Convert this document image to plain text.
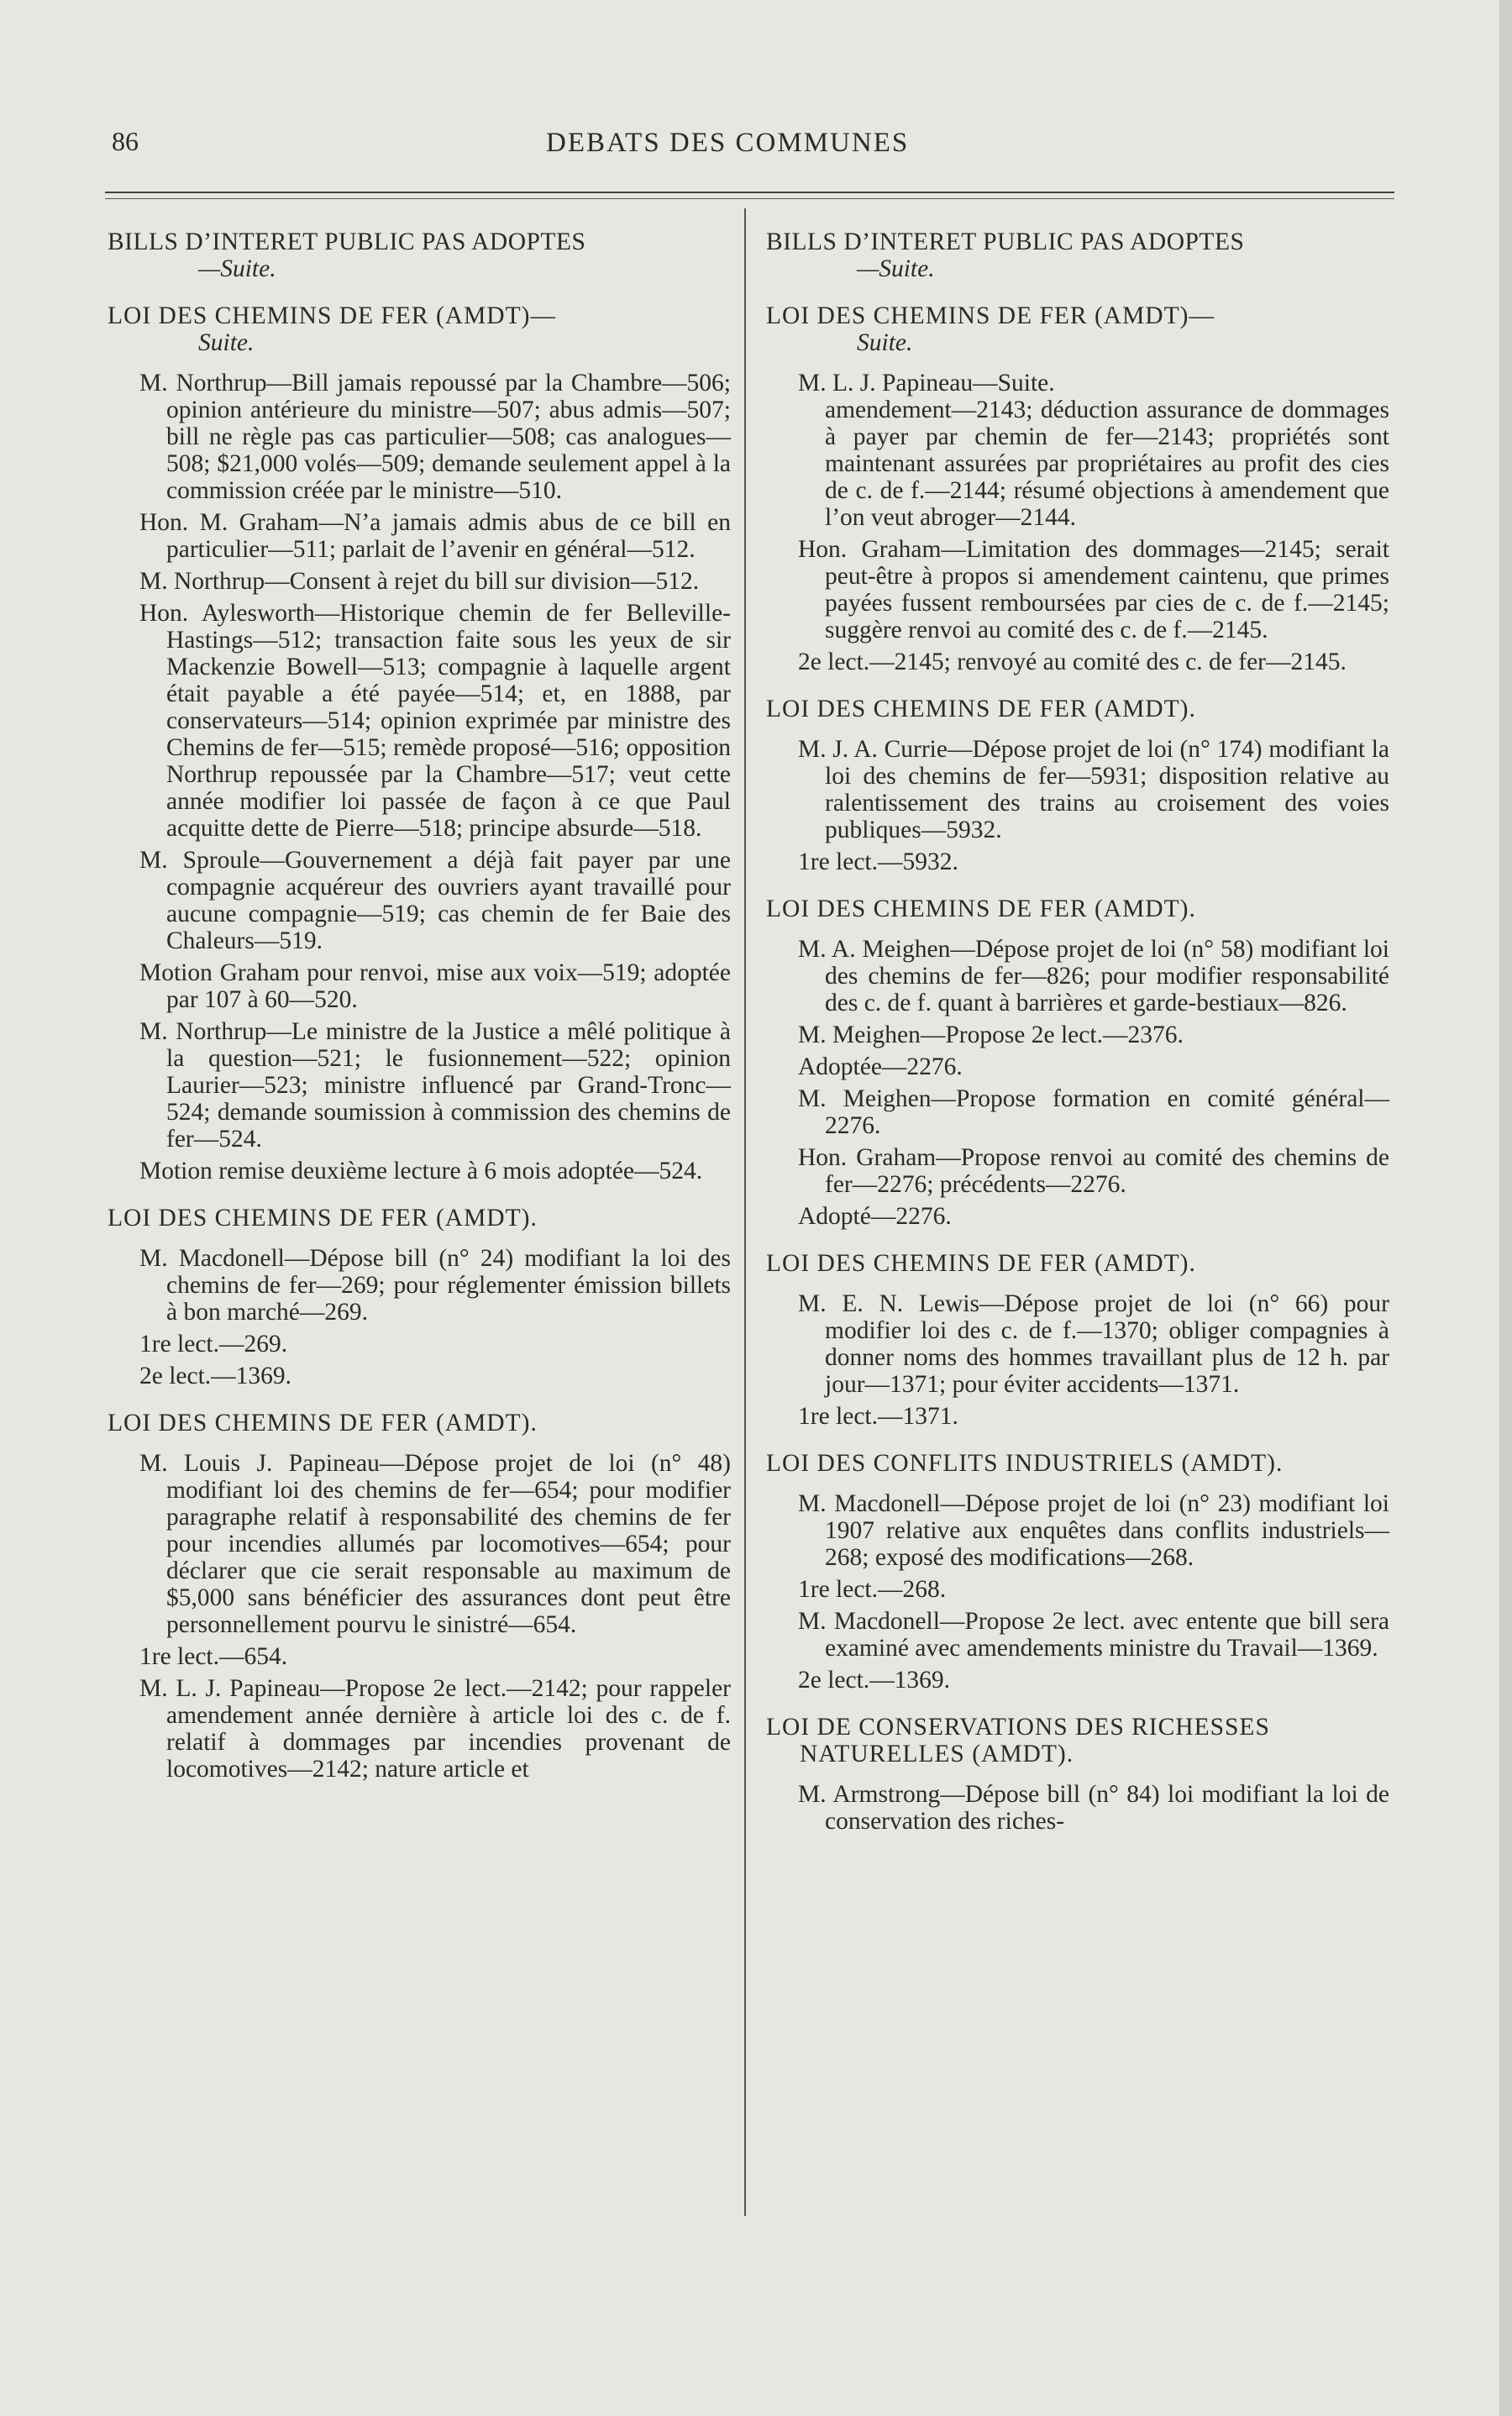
86	DEBATS DES COMMUNES

BILLS D’INTERET PUBLIC PAS ADOPTES

—Suite.

LOI DES CHEMINS DE FER (AMDT)—

Suite.

M. Northrup—Bill jamais repoussé par la Chambre—506; opinion antérieure du ministre—507; abus admis—507; bill ne règle pas cas particulier—508; cas analogues—508; $21,000 volés—509; demande seulement appel à la commission créée par le ministre—510.

Hon. M. Graham—N’a jamais admis abus de ce bill en particulier—511; parlait de l’avenir en général—512.

M. Northrup—Consent à rejet du bill sur division—512.

Hon. Aylesworth—Historique chemin de fer Belleville-Hastings—512; transaction faite sous les yeux de sir Mackenzie Bowell—513; compagnie à laquelle argent était payable a été payée—514; et, en 1888, par conservateurs—514; opinion exprimée par ministre des Chemins de fer—515; remède proposé—516; opposition Northrup repoussée par la Chambre—517; veut cette année modifier loi passée de façon à ce que Paul acquitte dette de Pierre—518; principe absurde—518.

M. Sproule—Gouvernement a déjà fait payer par une compagnie acquéreur des ouvriers ayant travaillé pour aucune compagnie—519; cas chemin de fer Baie des Chaleurs—519.

Motion Graham pour renvoi, mise aux voix—519; adoptée par 107 à 60—520.

M. Northrup—Le ministre de la Justice a mêlé politique à la question—521; le fusionnement—522; opinion Laurier—523; ministre influencé par Grand-Tronc—524; demande soumission à commission des chemins de fer—524.

Motion remise deuxième lecture à 6 mois adoptée—524.

LOI DES CHEMINS DE FER (AMDT).

M. Macdonell—Dépose bill (n° 24) modifiant la loi des chemins de fer—269; pour réglementer émission billets à bon marché—269.

1re lect.—269.

2e lect.—1369.

LOI DES CHEMINS DE FER (AMDT).

M. Louis J. Papineau—Dépose projet de loi (n° 48) modifiant loi des chemins de fer—654; pour modifier paragraphe relatif à responsabilité des chemins de fer pour incendies allumés par locomotives—654; pour déclarer que cie serait responsable au maximum de $5,000 sans bénéficier des assurances dont peut être personnellement pourvu le sinistré—654.

1re lect.—654.

M. L. J. Papineau—Propose 2e lect.—2142; pour rappeler amendement année dernière à article loi des c. de f. relatif à dommages par incendies provenant de locomotives—2142; nature article et

BILLS D’INTERET PUBLIC PAS ADOPTES

—Suite.

LOI DES CHEMINS DE FER (AMDT)—

Suite.

M. L. J. Papineau—Suite.

amendement—2143; déduction assurance de dommages à payer par chemin de fer—2143; propriétés sont maintenant assurées par propriétaires au profit des cies de c. de f.—2144; résumé objections à amendement que l’on veut abroger—2144.

Hon. Graham—Limitation des dommages—2145; serait peut-être à propos si amendement caintenu, que primes payées fussent remboursées par cies de c. de f.—2145; suggère renvoi au comité des c. de f.—2145.

2e lect.—2145; renvoyé au comité des c. de fer—2145.

LOI DES CHEMINS DE FER (AMDT).

M. J. A. Currie—Dépose projet de loi (n° 174) modifiant la loi des chemins de fer—5931; disposition relative au ralentissement des trains au croisement des voies publiques—5932.

1re lect.—5932.

LOI DES CHEMINS DE FER (AMDT).

M. A. Meighen—Dépose projet de loi (n° 58) modifiant loi des chemins de fer—826; pour modifier responsabilité des c. de f. quant à barrières et garde-bestiaux—826.

M. Meighen—Propose 2e lect.—2376.

Adoptée—2276.

M. Meighen—Propose formation en comité général—2276.

Hon. Graham—Propose renvoi au comité des chemins de fer—2276; précédents—2276.

Adopté—2276.

LOI DES CHEMINS DE FER (AMDT).

M. E. N. Lewis—Dépose projet de loi (n° 66) pour modifier loi des c. de f.—1370; obliger compagnies à donner noms des hommes travaillant plus de 12 h. par jour—1371; pour éviter accidents—1371.

1re lect.—1371.

LOI DES CONFLITS INDUSTRIELS (AMDT).

M. Macdonell—Dépose projet de loi (n° 23) modifiant loi 1907 relative aux enquêtes dans conflits industriels—268; exposé des modifications—268.

1re lect.—268.

M. Macdonell—Propose 2e lect. avec entente que bill sera examiné avec amendements ministre du Travail—1369.

2e lect.—1369.

LOI DE CONSERVATIONS DES RICHESSES NATURELLES (AMDT).

M. Armstrong—Dépose bill (n° 84) loi modifiant la loi de conservation des riches-
